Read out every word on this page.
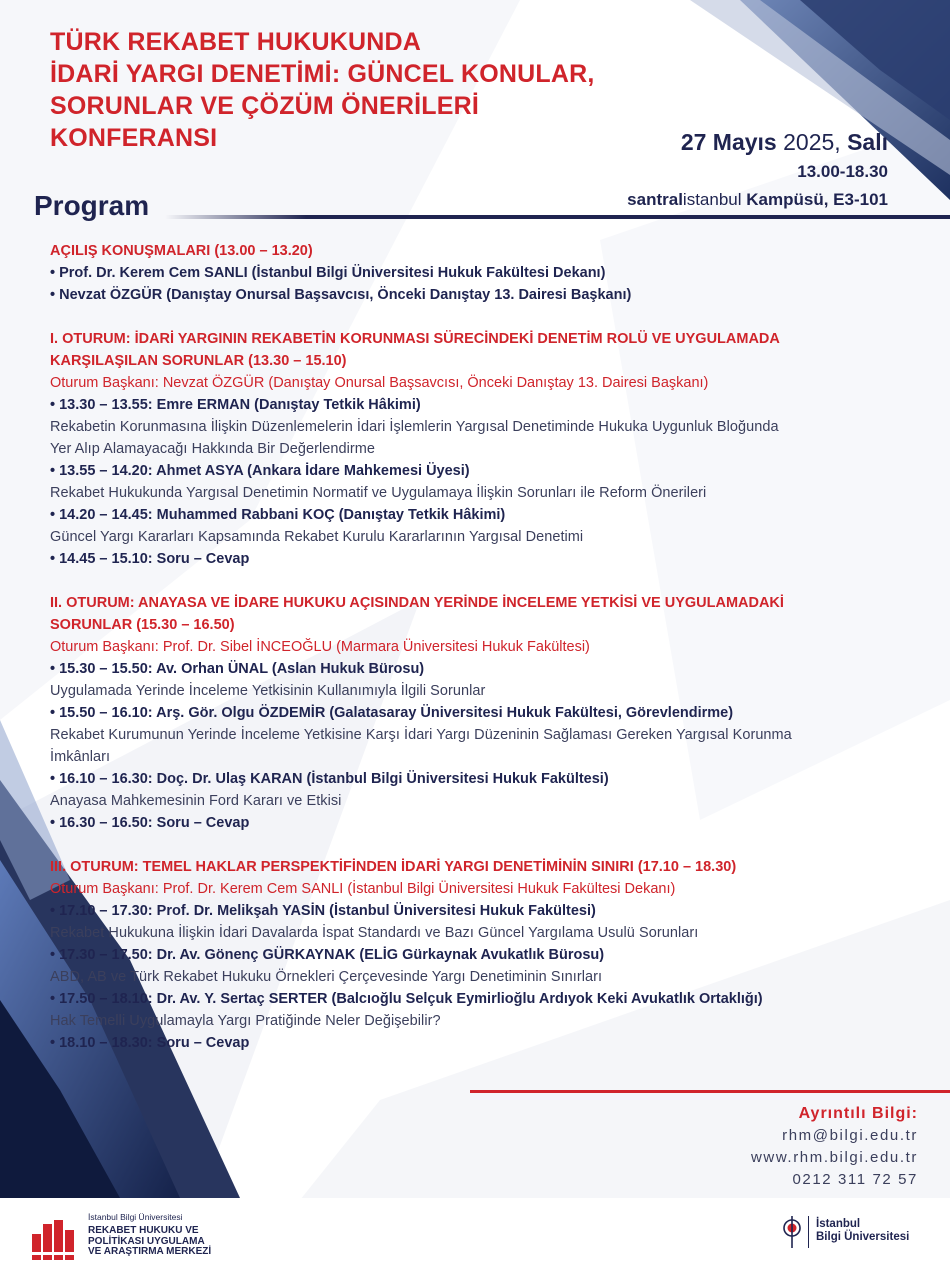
TÜRK REKABET HUKUKUNDA
İDARİ YARGI DENETİMİ: GÜNCEL KONULAR,
SORUNLAR VE ÇÖZÜM ÖNERİLERİ
KONFERANSI	27 Mayıs 2025, Salı
13.00-18.30
santralistanbul Kampüsü, E3-101
Program
AÇILIŞ KONUŞMALARI (13.00 – 13.20)
• Prof. Dr. Kerem Cem SANLI (İstanbul Bilgi Üniversitesi Hukuk Fakültesi Dekanı)
• Nevzat ÖZGÜR (Danıştay Onursal Başsavcısı, Önceki Danıştay 13. Dairesi Başkanı)
I. OTURUM: İDARİ YARGININ REKABETİN KORUNMASI SÜRECİNDEKİ DENETİM ROLÜ VE UYGULAMADA
KARŞILAŞILAN SORUNLAR (13.30 – 15.10)
Oturum Başkanı: Nevzat ÖZGÜR (Danıştay Onursal Başsavcısı, Önceki Danıştay 13. Dairesi Başkanı)
• 13.30 – 13.55: Emre ERMAN (Danıştay Tetkik Hâkimi)
Rekabetin Korunmasına İlişkin Düzenlemelerin İdari İşlemlerin Yargısal Denetiminde Hukuka Uygunluk Bloğunda
Yer Alıp Alamayacağı Hakkında Bir Değerlendirme
• 13.55 – 14.20: Ahmet ASYA (Ankara İdare Mahkemesi Üyesi)
Rekabet Hukukunda Yargısal Denetimin Normatif ve Uygulamaya İlişkin Sorunları ile Reform Önerileri
• 14.20 – 14.45: Muhammed Rabbani KOÇ (Danıştay Tetkik Hâkimi)
Güncel Yargı Kararları Kapsamında Rekabet Kurulu Kararlarının Yargısal Denetimi
• 14.45 – 15.10: Soru – Cevap
II. OTURUM: ANAYASA VE İDARE HUKUKU AÇISINDAN YERİNDE İNCELEME YETKİSİ VE UYGULAMADAKİ
SORUNLAR (15.30 – 16.50)
Oturum Başkanı: Prof. Dr. Sibel İNCEOĞLU (Marmara Üniversitesi Hukuk Fakültesi)
• 15.30 – 15.50: Av. Orhan ÜNAL (Aslan Hukuk Bürosu)
Uygulamada Yerinde İnceleme Yetkisinin Kullanımıyla İlgili Sorunlar
• 15.50 – 16.10: Arş. Gör. Olgu ÖZDEMİR (Galatasaray Üniversitesi Hukuk Fakültesi, Görevlendirme)
Rekabet Kurumunun Yerinde İnceleme Yetkisine Karşı İdari Yargı Düzeninin Sağlaması Gereken Yargısal Korunma
İmkânları
• 16.10 – 16.30: Doç. Dr. Ulaş KARAN (İstanbul Bilgi Üniversitesi Hukuk Fakültesi)
Anayasa Mahkemesinin Ford Kararı ve Etkisi
• 16.30 – 16.50: Soru – Cevap
III. OTURUM: TEMEL HAKLAR PERSPEKTİFİNDEN İDARİ YARGI DENETİMİNİN SINIRI (17.10 – 18.30)
Oturum Başkanı: Prof. Dr. Kerem Cem SANLI (İstanbul Bilgi Üniversitesi Hukuk Fakültesi Dekanı)
• 17.10 – 17.30: Prof. Dr. Melikşah YASİN (İstanbul Üniversitesi Hukuk Fakültesi)
Rekabet Hukukuna İlişkin İdari Davalarda İspat Standardı ve Bazı Güncel Yargılama Usulü Sorunları
• 17.30 – 17.50: Dr. Av. Gönenç GÜRKAYNAK (ELİG Gürkaynak Avukatlık Bürosu)
ABD, AB ve Türk Rekabet Hukuku Örnekleri Çerçevesinde Yargı Denetiminin Sınırları
• 17.50 – 18.10: Dr. Av. Y. Sertaç SERTER (Balcıoğlu Selçuk Eymirlioğlu Ardıyok Keki Avukatlık Ortaklığı)
Hak Temelli Uygulamayla Yargı Pratiğinde Neler Değişebilir?
• 18.10 – 18.30: Soru – Cevap
Ayrıntılı Bilgi:
rhm@bilgi.edu.tr
www.rhm.bilgi.edu.tr
0212 311 72 57
İstanbul Bilgi Üniversitesi
REKABET HUKUKU VE
POLİTİKASI UYGULAMA
VE ARAŞTIRMA MERKEZİ
İstanbul
Bilgi Üniversitesi
